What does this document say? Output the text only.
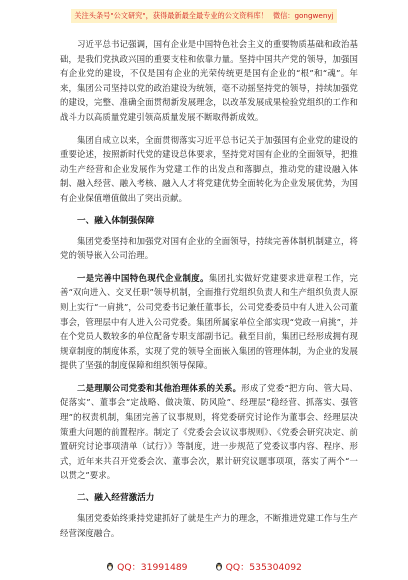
关注头条号"公文研究"，获得最新最全最专业的公文资料库！ 微信：gongwenyj

习近平总书记强调，国有企业是中国特色社会主义的重要物质基础和政治基础，是我们党执政兴国的重要支柱和依靠力量。坚持中国共产党的领导，加强国有企业党的建设，不仅是国有企业的光荣传统更是国有企业的“根”和“魂”。年来，集团公司坚持以党的政治建设为统领，毫不动摇坚持党的领导，持续加强党的建设，完整、准确全面贯彻新发展理念，以改革发展成果检验党组织的工作和战斗力以高质量党建引领高质量发展不断取得新成效。

集团自成立以来，全面贯彻落实习近平总书记关于加强国有企业党的建设的重要论述，按照新时代党的建设总体要求，坚持党对国有企业的全面领导，把推动生产经营和企业发展作为党建工作的出发点和落脚点，推动党的建设融入体制、融入经营、融入考核、融入人才将党建优势全面转化为企业发展优势，为国有企业保值增值做出了突出贡献。

一、融入体制强保障

集团党委坚持和加强党对国有企业的全面领导，持续完善体制机制建立，将党的领导嵌入公司治理。

一是完善中国特色现代企业制度。集团扎实做好党建要求进章程工作，完善“双向进入、交叉任职”领导机制，全面推行党组织负责人和生产组织负责人原则上实行“一肩挑”，公司党委书记兼任董事长，公司党委委员中有人进入公司董事会，管理层中有人进入公司党委。集团所属家单位全部实现“党政一肩挑”，并在个党员人数较多的单位配备专职支部副书记。截至目前，集团已经形成拥有现规章制度的制度体系，实现了党的领导全面嵌入集团的管理体制，为企业的发展提供了坚强的制度保障和组织领导保障。

二是理顺公司党委和其他治理体系的关系。形成了党委“把方向、管大局、促落实”、董事会“定战略、做决策、防风险”、经理层“稳经营、抓落实、强管理”的权责机制，集团完善了议事规则，将党委研究讨论作为董事会、经理层决策重大问题的前置程序。制定了《党委会会议议事规则》、《党委会研究决定、前置研究讨论事项清单（试行）》等制度，进一步规范了党委议事内容、程序、形式，近年来共召开党委会次、董事会次，累计研究议题事项项，落实了两个“一以贯之”要求。

二、融入经营激活力

集团党委始终秉持党建抓好了就是生产力的理念，不断推进党建工作与生产经营深度融合。

QQ：31991489	QQ：535304092
